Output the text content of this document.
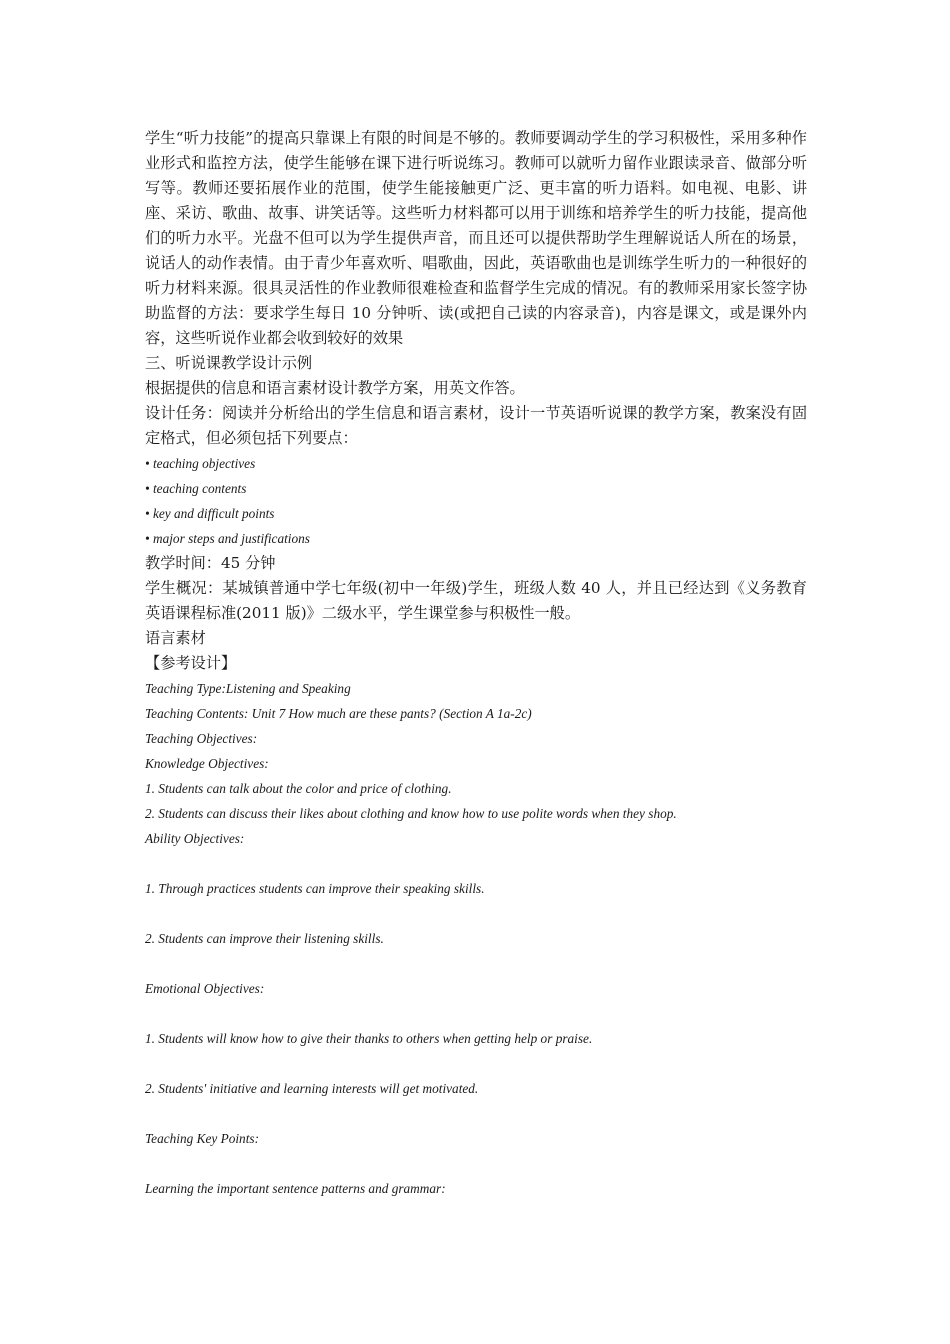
学生“听力技能”的提高只靠课上有限的时间是不够的。教师要调动学生的学习积极性，采用多种作业形式和监控方法，使学生能够在课下进行听说练习。教师可以就听力留作业跟读录音、做部分听写等。教师还要拓展作业的范围，使学生能接触更广泛、更丰富的听力语料。如电视、电影、讲座、采访、歌曲、故事、讲笑话等。这些听力材料都可以用于训练和培养学生的听力技能，提高他们的听力水平。光盘不但可以为学生提供声音，而且还可以提供帮助学生理解说话人所在的场景，说话人的动作表情。由于青少年喜欢听、唱歌曲，因此，英语歌曲也是训练学生听力的一种很好的听力材料来源。很具灵活性的作业教师很难检查和监督学生完成的情况。有的教师采用家长签字协助监督的方法：要求学生每日 10 分钟听、读(或把自己读的内容录音)，内容是课文，或是课外内容，这些听说作业都会收到较好的效果

三、听说课教学设计示例

根据提供的信息和语言素材设计教学方案，用英文作答。

设计任务：阅读并分析给出的学生信息和语言素材，设计一节英语听说课的教学方案，教案没有固定格式，但必须包括下列要点：

• teaching objectives

• teaching contents

• key and difficult points

• major steps and justifications

教学时间：45 分钟

学生概况：某城镇普通中学七年级(初中一年级)学生，班级人数 40 人，并且已经达到《义务教育英语课程标准(2011 版)》二级水平，学生课堂参与积极性一般。

语言素材

【参考设计】

Teaching Type:Listening and Speaking

Teaching Contents: Unit 7 How much are these pants? (Section A 1a-2c)

Teaching Objectives:

Knowledge Objectives:

1. Students can talk about the color and price of clothing.

2. Students can discuss their likes about clothing and know how to use polite words when they shop.

Ability Objectives:

1. Through practices students can improve their speaking skills.

2. Students can improve their listening skills.

Emotional Objectives:

1. Students will know how to give their thanks to others when getting help or praise.

2. Students' initiative and learning interests will get motivated.

Teaching Key Points:

Learning the important sentence patterns and grammar:
